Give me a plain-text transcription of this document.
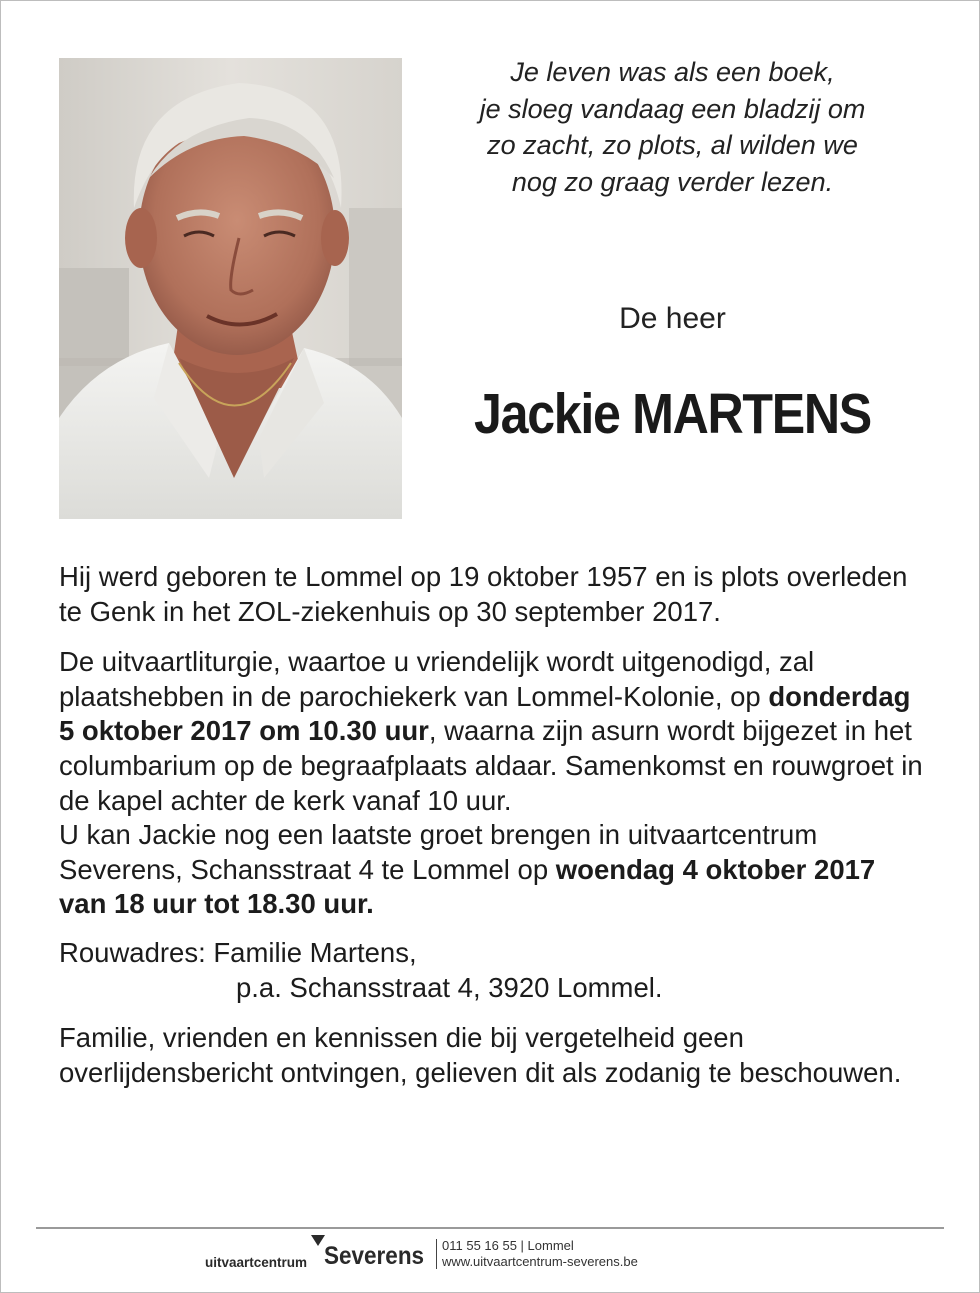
Je leven was als een boek,
je sloeg vandaag een bladzij om
zo zacht, zo plots, al wilden we
nog zo graag verder lezen.
De heer
Jackie MARTENS

Hij werd geboren te Lommel op 19 oktober 1957 en is plots overleden te Genk in het ZOL-ziekenhuis op 30 september 2017.

De uitvaartliturgie, waartoe u vriendelijk wordt uitgenodigd, zal plaatshebben in de parochiekerk van Lommel-Kolonie, op donderdag 5 oktober 2017 om 10.30 uur, waarna zijn asurn wordt bijgezet in het columbarium op de begraafplaats aldaar. Samenkomst en rouwgroet in de kapel achter de kerk vanaf 10 uur.

U kan Jackie nog een laatste groet brengen in uitvaartcentrum Severens, Schansstraat 4 te Lommel op woendag 4 oktober 2017 van 18 uur tot 18.30 uur.

Rouwadres: Familie Martens,
p.a. Schansstraat 4, 3920 Lommel.

Familie, vrienden en kennissen die bij vergetelheid geen overlijdensbericht ontvingen, gelieven dit als zodanig te beschouwen.

uitvaartcentrum Severens 011 55 16 55 | Lommel
www.uitvaartcentrum-severens.be
